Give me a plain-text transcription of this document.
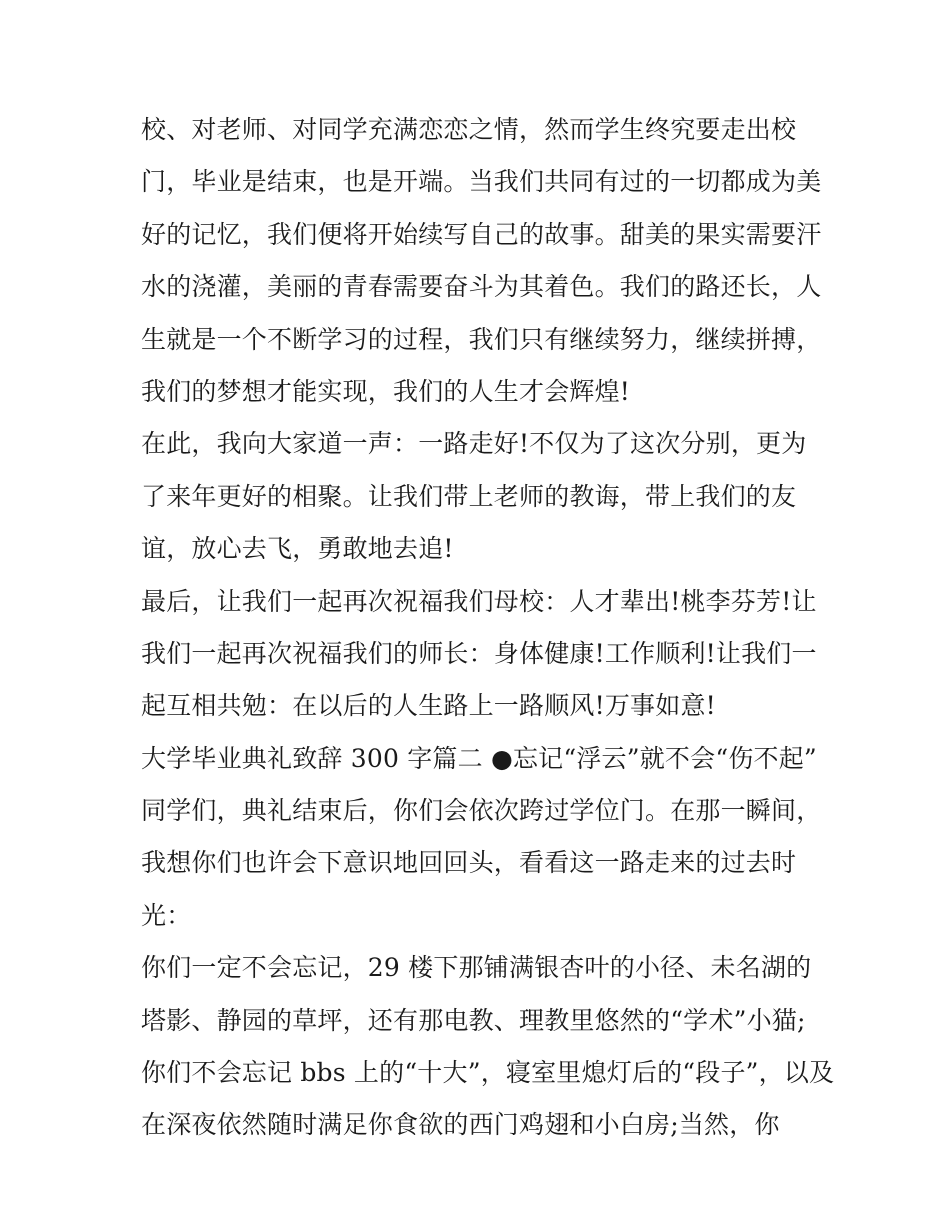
校、对老师、对同学充满恋恋之情，然而学生终究要走出校
门，毕业是结束，也是开端。当我们共同有过的一切都成为美
好的记忆，我们便将开始续写自己的故事。甜美的果实需要汗
水的浇灌，美丽的青春需要奋斗为其着色。我们的路还长，人
生就是一个不断学习的过程，我们只有继续努力，继续拼搏，
我们的梦想才能实现，我们的人生才会辉煌!
在此，我向大家道一声：一路走好!不仅为了这次分别，更为
了来年更好的相聚。让我们带上老师的教诲，带上我们的友
谊，放心去飞，勇敢地去追!
最后，让我们一起再次祝福我们母校：人才辈出!桃李芬芳!让
我们一起再次祝福我们的师长：身体健康!工作顺利!让我们一
起互相共勉：在以后的人生路上一路顺风!万事如意!
大学毕业典礼致辞 300 字篇二 ●忘记“浮云”就不会“伤不起”
同学们，典礼结束后，你们会依次跨过学位门。在那一瞬间，
我想你们也许会下意识地回回头，看看这一路走来的过去时
光：
你们一定不会忘记，29 楼下那铺满银杏叶的小径、未名湖的
塔影、静园的草坪，还有那电教、理教里悠然的“学术”小猫;
你们不会忘记 bbs 上的“十大”，寝室里熄灯后的“段子”，以及
在深夜依然随时满足你食欲的西门鸡翅和小白房;当然，你
